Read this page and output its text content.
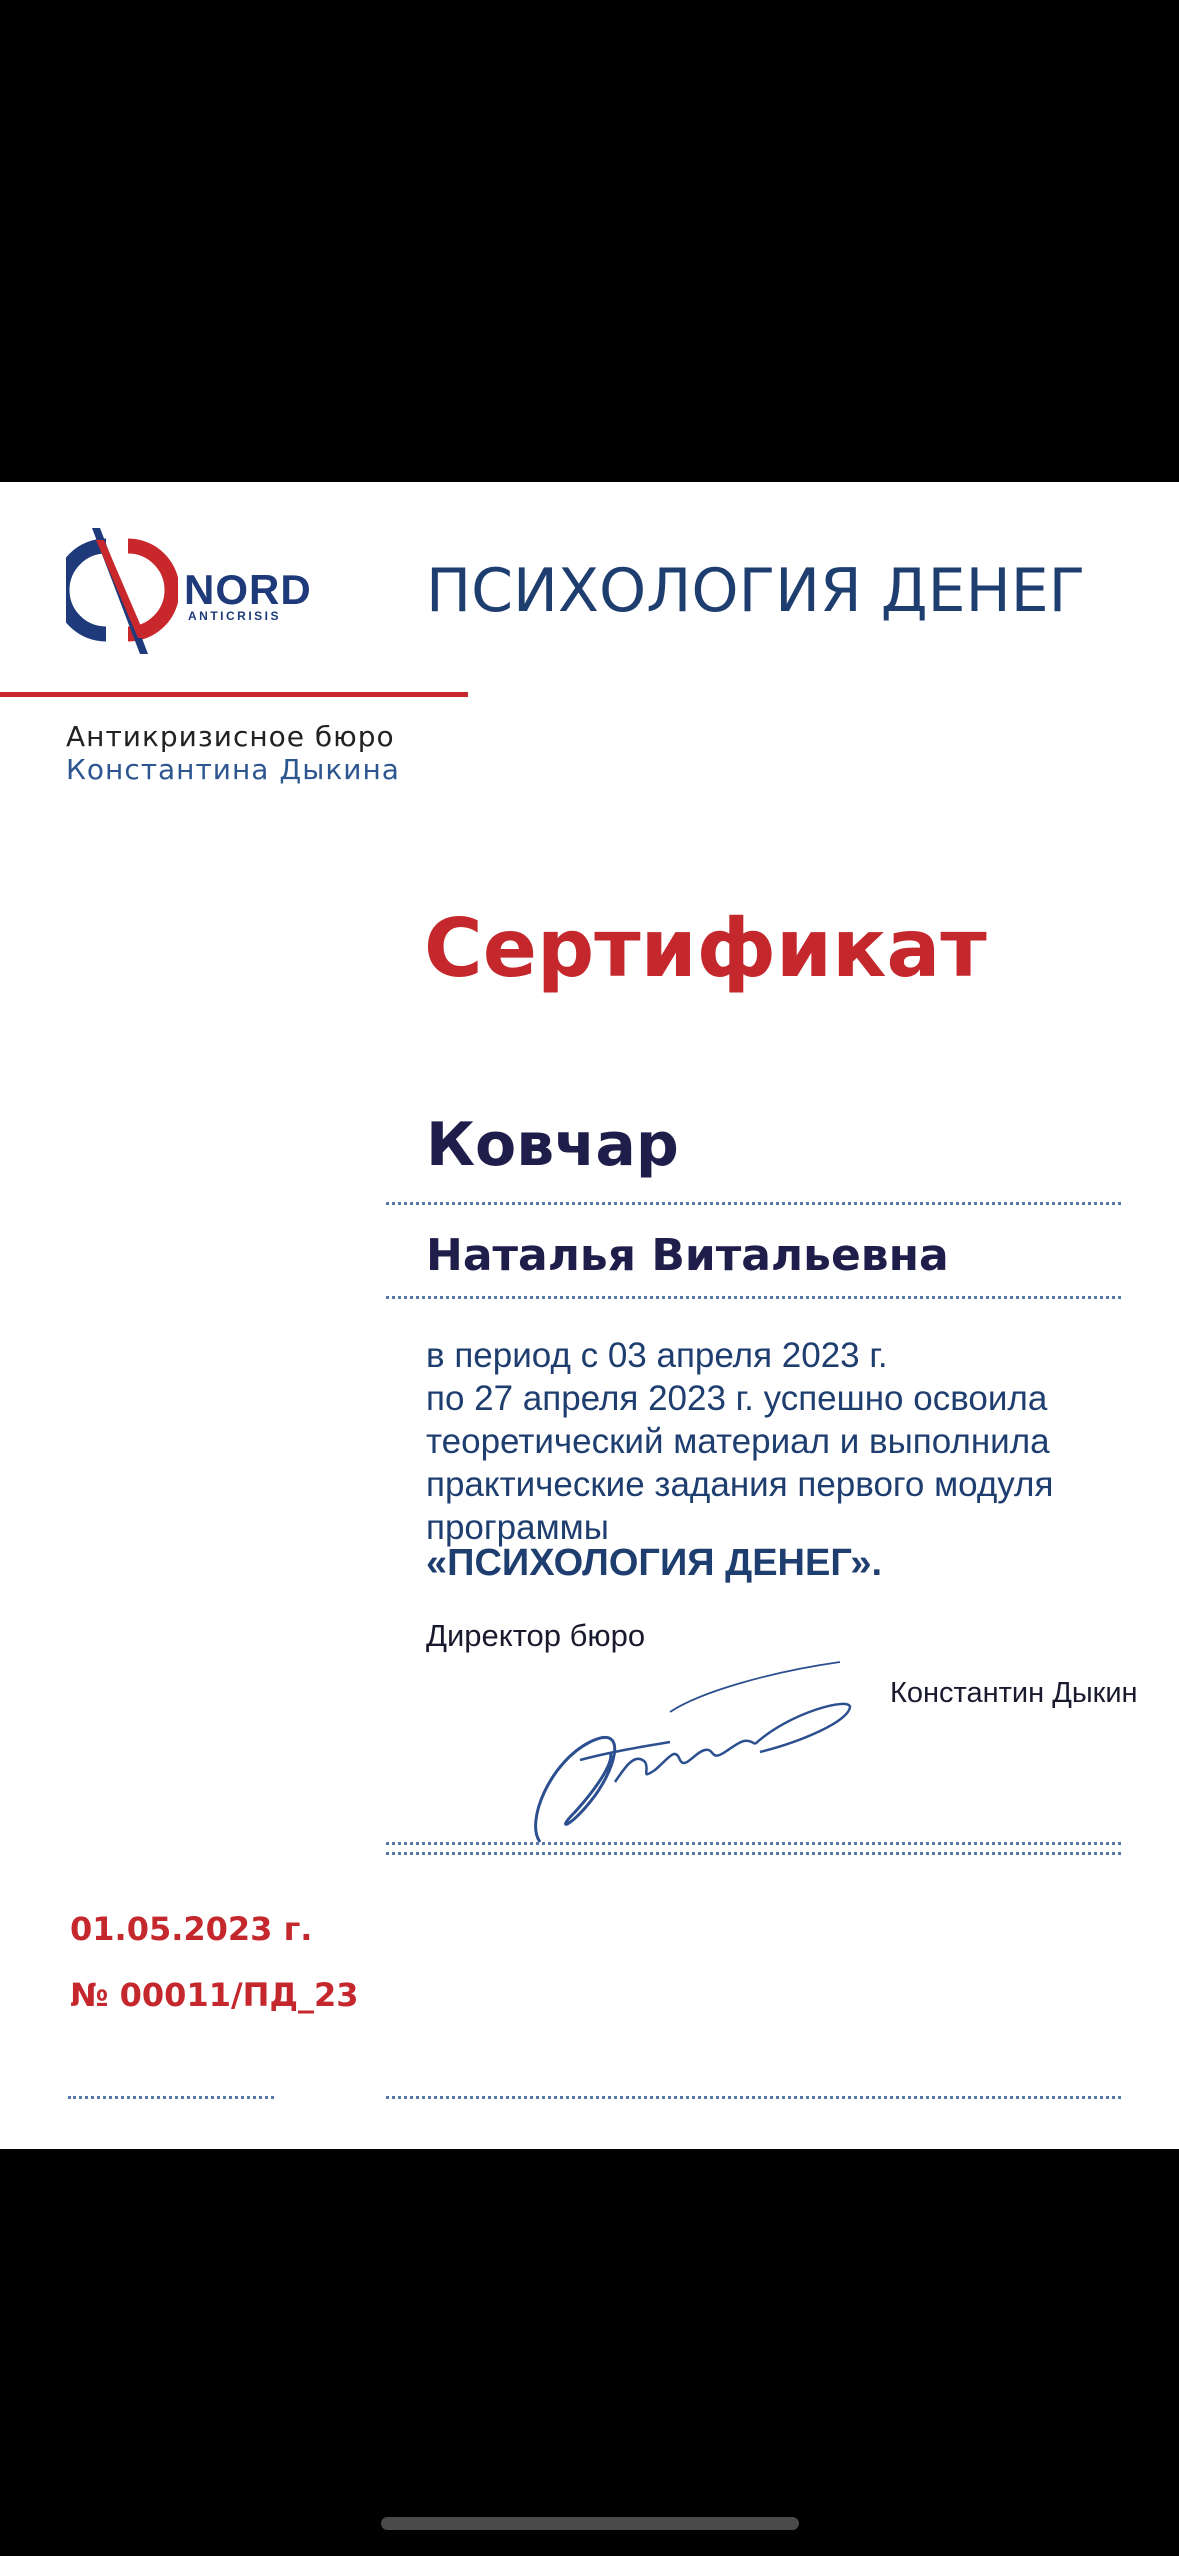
NORD
ANTICRISIS ПСИХОЛОГИЯ ДЕНЕГ
Антикризисное бюро
Константина Дыкина
Сертификат
Ковчар
Наталья Витальевна
в период с 03 апреля 2023 г.
по 27 апреля 2023 г. успешно освоила
теоретический материал и выполнила
практические задания первого модуля
программы
«ПСИХОЛОГИЯ ДЕНЕГ».
Директор бюро
Константин Дыкин
01.05.2023 г.
№ 00011/ПД_23
